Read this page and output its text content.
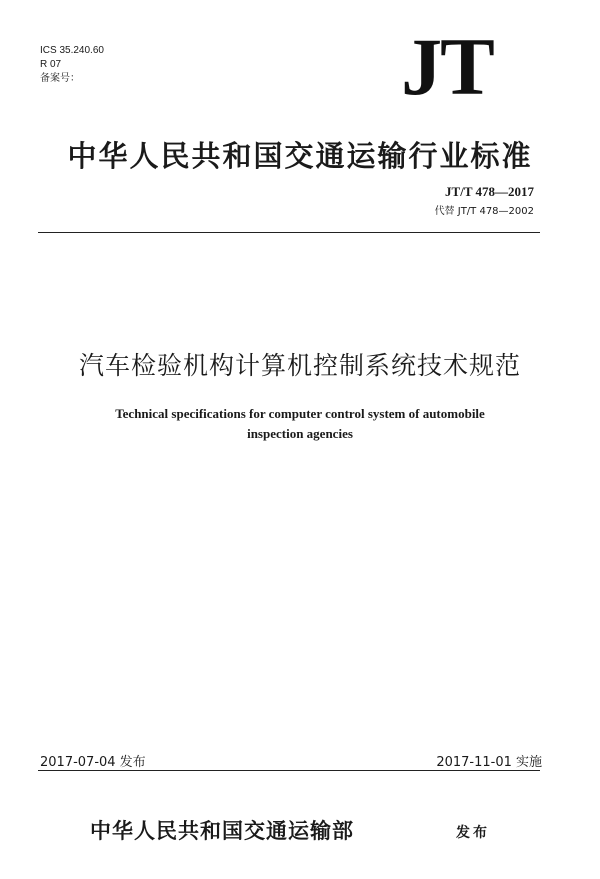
ICS 35.240.60
R 07
备案号：	JT
中华人民共和国交通运输行业标准
JT/T 478—2017
代替 JT/T 478—2002
汽车检验机构计算机控制系统技术规范
Technical specifications for computer control system of automobile
inspection agencies
2017-07-04 发布	2017-11-01 实施
中华人民共和国交通运输部	发布
